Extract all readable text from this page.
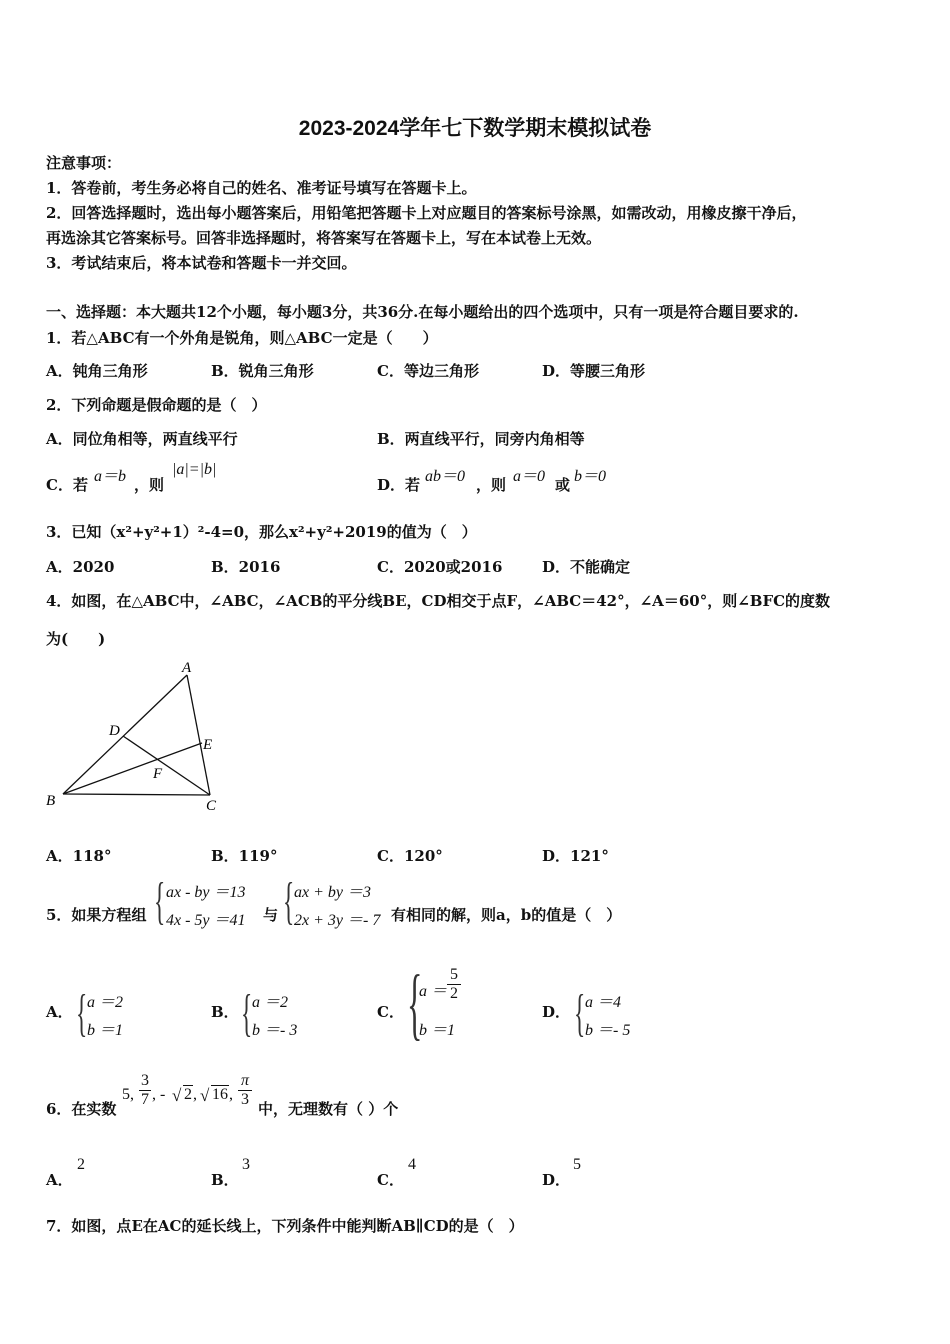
2023-2024学年七下数学期末模拟试卷
注意事项：
1．答卷前，考生务必将自己的姓名、准考证号填写在答题卡上。
2．回答选择题时，选出每小题答案后，用铅笔把答题卡上对应题目的答案标号涂黑，如需改动，用橡皮擦干净后，
再选涂其它答案标号。回答非选择题时，将答案写在答题卡上，写在本试卷上无效。
3．考试结束后，将本试卷和答题卡一并交回。
一、选择题：本大题共12个小题，每小题3分，共36分.在每小题给出的四个选项中，只有一项是符合题目要求的.
1．若△ABC有一个外角是锐角，则△ABC一定是（　　）
A．钝角三角形	B．锐角三角形	C．等边三角形	D．等腰三角形
2．下列命题是假命题的是（　）
A．同位角相等，两直线平行	B．两直线平行，同旁内角相等
C．若 a＝b ，则
|a|=|b|
D．若 ab＝0 ，则 a＝0 或 b＝0
3．已知（x²+y²+1）²-4=0，那么x²+y²+2019的值为（　）
A．2020	B．2016	C．2020或2016	D．不能确定
4．如图，在△ABC中，∠ABC，∠ACB的平分线BE，CD相交于点F，∠ABC＝42°，∠A＝60°，则∠BFC的度数
为(　　)
A
B	C
D
E
F
A．118°	B．119°	C．120°	D．121°
5．如果方程组 { ax - by ＝13
4x - 5y ＝41 与 { ax + by ＝3
2x + 3y ＝- 7 有相同的解，则a，b的值是（　）
A． { a ＝2
b ＝1
B． { a ＝2
b ＝- 3
C． {
$a = \frac{5}{2}$
b ＝1
D． { a ＝4
b ＝- 5
6．在实数
5, $\frac{3}{7}$ , - √ 2 , √ 16 , $\frac{\pi}{3}$ 中，无理数有（ ）个
A．
2
B．
3
C．
4
D．
5
7．如图，点E在AC的延长线上，下列条件中能判断AB∥CD的是（　）
